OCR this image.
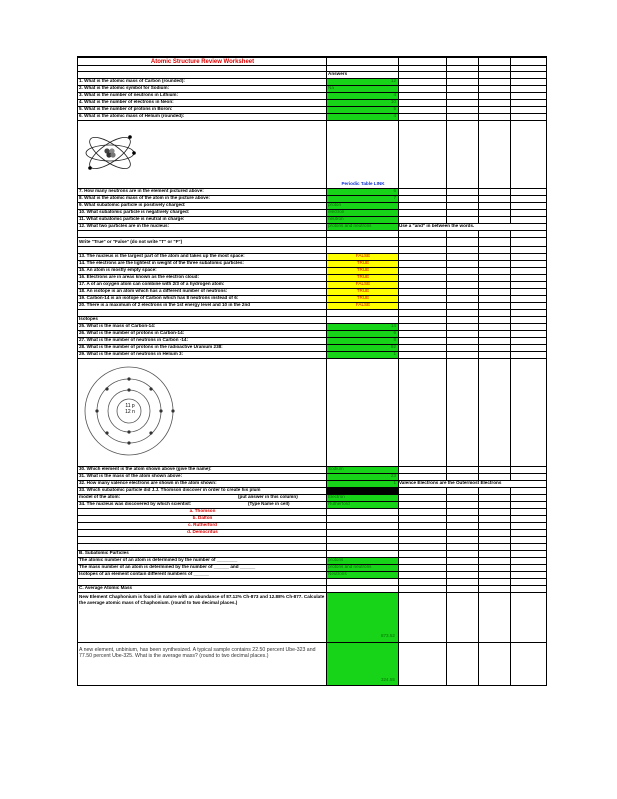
Atomic Structure Review Worksheet
Answers
1. What is the atomic mass of Carbon (rounded):	12
2. What is the atomic symbol for Sodium:	Na
3. What is the number of neutrons in Lithium:	4
4. What is the number of electrons in Neon:	10
5. What is the number of protons in Boron:	5
6. What is the atomic mass of Helium (rounded):	4
Periodic Table LINK
7. How many neutrons are in the element pictured above:	6
8. What is the atomic mass of the atom in the picture above:	7
9. What subatomic particle is positively charged:	proton
10. What subatomic particle is negatively charged:	electron
11. What subatomic particle is neutral in charge:	neutron
12. What two particles are in the nucleus:	protons and neutrons	Use a "and" in between the words.
Write "True" or "False" (do not write "T" or "F")
13. The nucleus is the largest part of the atom and takes up the most space:	FALSE
14. The electrons are the lightest in weight of the three subatomic particles:	TRUE
15. An atom is mostly empty space:	TRUE
16. Electrons are in areas known as the electron cloud:	TRUE
17. A of an oxygen atom can combine with 2/3 of a hydrogen atom:	FALSE
18. An isotope is an atom which has a different number of neutrons:	TRUE
19. Carbon-14 is an isotope of Carbon which has 8 neutrons instead of 6:	TRUE
20. There is a maximum of 2 electrons in the 1st energy level and 10 in the 2nd	FALSE
Isotopes
25. What is the mass of Carbon-14:	14
26. What is the number of protons in Carbon-14:	6
27. What is the number of neutrons in Carbon -14:	8
28. What is the number of protons in the radioactive Uranium 238:	92
29. What is the number of neutrons in Helium 3:	1
11 p
12 n
30. Which element is the atom shown above (give the name):	Sodium
31. What is the mass of the atom shown above:	23
32. How many valence electrons are shown in the atom shown:	1 Valence Electrons are the Outermost Electrons
33. Which subatomic particle did J.J. Thomson discover in order to create his plum
model of the atom:	(put answer in this column)	Electron
34. The nucleus was discovered by which scientist:	(Type Name in cell)	Rutherford
a. Thomson
b. Dalton
c. Rutherford
d. Democritus
B. Subatomic Particles
The atomic number of an atom is determined by the number of ________	protons
The mass number of an atom is determined by the number of ______ and ______	protons and neutrons
Isotopes of an element contain different numbers of ______	Neutrons
C. Average Atomic Mass
New Element Chaphonium is found in nature with an abundance of 87.12% Ch-873 and 12.88% Ch-877. Calculate the average atomic mass of Chaphonium. (round to two decimal places.)
873.52
A new element, unbinium, has been synthesized. A typical sample contains 22.50 percent Ube-323 and 77.50 percent Ube-325. What is the average mass? (round to two decimal places.)
324.55
